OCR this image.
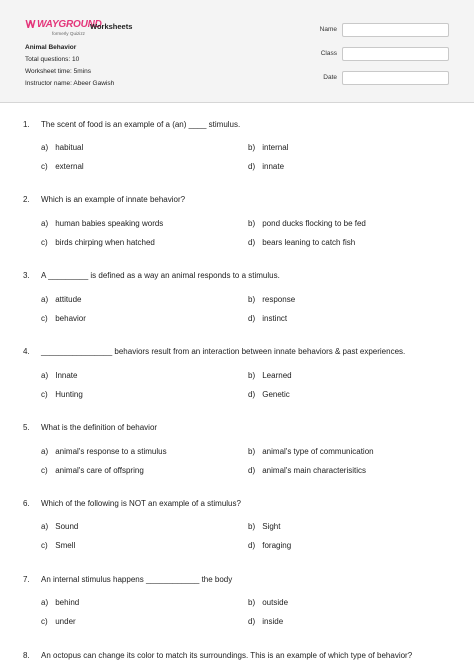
WAYGROUND
formerly Quizizz
Worksheets
Animal Behavior
Total questions: 10
Worksheet time: 5mins
Instructor name: Abeer Gawish
Name
Class
Date
1. The scent of food is an example of a (an) ____ stimulus.
a) habitual	b) internal
c) external	d) innate
2. Which is an example of innate behavior?
a) human babies speaking words	b) pond ducks flocking to be fed
c) birds chirping when hatched	d) bears leaning to catch fish
3. A _________ is defined as a way an animal responds to a stimulus.
a) attitude	b) response
c) behavior	d) instinct
4. ________________ behaviors result from an interaction between innate behaviors & past experiences.
a) Innate	b) Learned
c) Hunting	d) Genetic
5. What is the definition of behavior
a) animal's response to a stimulus	b) animal's type of communication
c) animal's care of offspring	d) animal's main characterisitics
6. Which of the following is NOT an example of a stimulus?
a) Sound	b) Sight
c) Smell	d) foraging
7. An internal stimulus happens ____________ the body
a) behind	b) outside
c) under	d) inside
8. An octopus can change its color to match its surroundings. This is an example of which type of behavior?
